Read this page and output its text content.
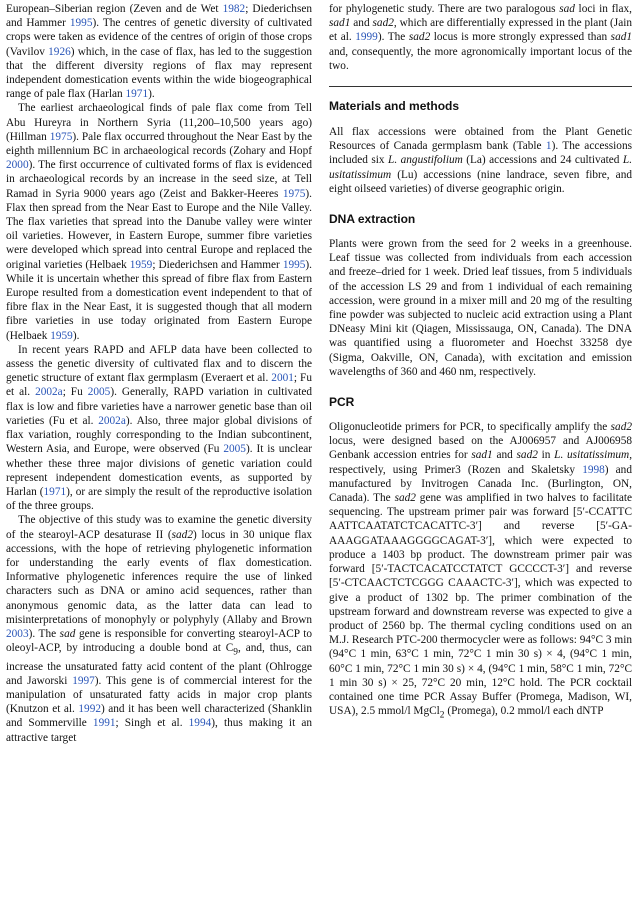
European–Siberian region (Zeven and de Wet 1982; Diederichsen and Hammer 1995). The centres of genetic diversity of cultivated crops were taken as evidence of the centres of origin of those crops (Vavilov 1926) which, in the case of flax, has led to the suggestion that the different diversity regions of flax may represent independent domestication events within the wide biogeographical range of pale flax (Harlan 1971).

The earliest archaeological finds of pale flax come from Tell Abu Hureyra in Northern Syria (11,200–10,500 years ago) (Hillman 1975). Pale flax occurred throughout the Near East by the eighth millennium BC in archaeological records (Zohary and Hopf 2000). The first occurrence of cultivated forms of flax is evidenced in archaeological records by an increase in the seed size, at Tell Ramad in Syria 9000 years ago (Zeist and Bakker-Heeres 1975). Flax then spread from the Near East to Europe and the Nile Valley. The flax varieties that spread into the Danube valley were winter oil varieties. However, in Eastern Europe, summer fibre varieties were developed which spread into central Europe and replaced the original varieties (Helbaek 1959; Diederichsen and Hammer 1995). While it is uncertain whether this spread of fibre flax from Eastern Europe resulted from a domestication event independent to that of fibre flax in the Near East, it is suggested though that all modern fibre varieties in use today originated from Eastern Europe (Helbaek 1959).

In recent years RAPD and AFLP data have been collected to assess the genetic diversity of cultivated flax and to discern the genetic structure of extant flax germplasm (Everaert et al. 2001; Fu et al. 2002a; Fu 2005). Generally, RAPD variation in cultivated flax is low and fibre varieties have a narrower genetic base than oil varieties (Fu et al. 2002a). Also, three major global divisions of flax variation, roughly corresponding to the Indian subcontinent, Western Asia, and Europe, were observed (Fu 2005). It is unclear whether these three major divisions of genetic variation could represent independent domestication events, as supported by Harlan (1971), or are simply the result of the reproductive isolation of the three groups.

The objective of this study was to examine the genetic diversity of the stearoyl-ACP desaturase II (sad2) locus in 30 unique flax accessions, with the hope of retrieving phylogenetic information for understanding the early events of flax domestication. Informative phylogenetic inferences require the use of linked characters such as DNA or amino acid sequences, rather than anonymous genomic data, as the latter data can lead to misinterpretations of monophyly or polyphyly (Allaby and Brown 2003). The sad gene is responsible for converting stearoyl-ACP to oleoyl-ACP, by introducing a double bond at $C_9$, and, thus, can increase the unsaturated fatty acid content of the plant (Ohlrogge and Jaworski 1997). This gene is of commercial interest for the manipulation of unsaturated fatty acids in major crop plants (Knutzon et al. 1992) and it has been well characterized (Shanklin and Sommerville 1991; Singh et al. 1994), thus making it an attractive target

for phylogenetic study. There are two paralogous sad loci in flax, sad1 and sad2, which are differentially expressed in the plant (Jain et al. 1999). The sad2 locus is more strongly expressed than sad1 and, consequently, the more agronomically important locus of the two.

Materials and methods

All flax accessions were obtained from the Plant Genetic Resources of Canada germplasm bank (Table 1). The accessions included six L. angustifolium (La) accessions and 24 cultivated L. usitatissimum (Lu) accessions (nine landrace, seven fibre, and eight oilseed varieties) of diverse geographic origin.

DNA extraction

Plants were grown from the seed for 2 weeks in a greenhouse. Leaf tissue was collected from individuals from each accession and freeze–dried for 1 week. Dried leaf tissues, from 5 individuals of the accession LS 29 and from 1 individual of each remaining accession, were ground in a mixer mill and 20 mg of the resulting fine powder was subjected to nucleic acid extraction using a Plant DNeasy Mini kit (Qiagen, Mississauga, ON, Canada). The DNA was quantified using a fluorometer and Hoechst 33258 dye (Sigma, Oakville, ON, Canada), with excitation and emission wavelengths of 360 and 460 nm, respectively.

PCR

Oligonucleotide primers for PCR, to specifically amplify the sad2 locus, were designed based on the AJ006957 and AJ006958 Genbank accession entries for sad1 and sad2 in L. usitatissimum, respectively, using Primer3 (Rozen and Skaletsky 1998) and manufactured by Invitrogen Canada Inc. (Burlington, ON, Canada). The sad2 gene was amplified in two halves to facilitate sequencing. The upstream primer pair was forward [5′-CCATTC AATTCAATATCTCACATTC-3′] and reverse [5′-GA-AAAGGATAAAGGGGCAGAT-3′], which were expected to produce a 1403 bp product. The downstream primer pair was forward [5′-TACTCACATCCTATCT GCCCCT-3′] and reverse [5′-CTCAACTCTCGGG CAAACTC-3′], which was expected to give a product of 1302 bp. The primer combination of the upstream forward and downstream reverse was expected to give a product of 2560 bp. The thermal cycling conditions used on an M.J. Research PTC-200 thermocycler were as follows: 94°C 3 min (94°C 1 min, 63°C 1 min, 72°C 1 min 30 s) × 4, (94°C 1 min, 60°C 1 min, 72°C 1 min 30 s) × 4, (94°C 1 min, 58°C 1 min, 72°C 1 min 30 s) × 25, 72°C 20 min, 12°C hold. The PCR cocktail contained one time PCR Assay Buffer (Promega, Madison, WI, USA), 2.5 mmol/l MgCl$_2$ (Promega), 0.2 mmol/l each dNTP
